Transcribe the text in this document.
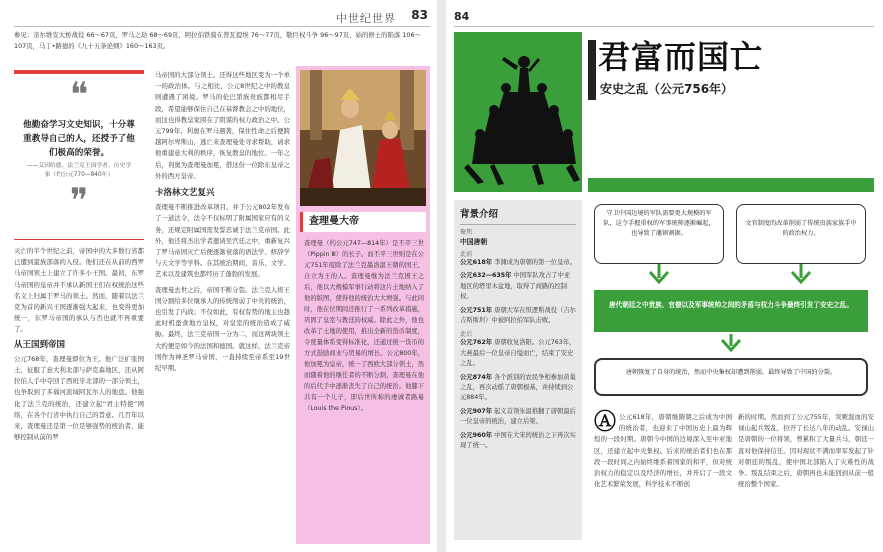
中世纪世界 83
参见：亲尔维安大桥战役 66～67页，罗马之劫 68～69页，阿拉伯铁骑在普瓦提埃 76～77页，敬巨权斗争 96～97页，始的修士的陷落 106～107页，马丁•路德的《九十五条论纲》160～163页。
❝
他勤奋学习文史知识，十分尊重教导自己的人，还授予了他们极高的荣誉。
——艾因哈德，法兰克王国学者、历史学家（约公元770—840年）
❞
灭亡的半个世纪之前，帝国中的大多数行省都已遭到蛮族部落的入侵。他们还在从前的西罗马帝国领土上建立了许多小王国。最初，东罗马帝国的皇帝并不承认新国王们在权统治这些名义上归属于罗马的领土。然而，随着以法兰克为首的新兴王国逐渐强大起来，也变得更加统一，东罗马帝国的承认与否也就不再重要了。
从王国到帝国
公元768年，查理曼即位为王。他广泛扩张国土，征服了意大利北部与萨克森地区，还从阿拉伯人手中夺回了西班牙北部的一部分领土，也争取到了多瑙河流域阿瓦尔人的地盘。他强化了法兰克的统治，还建立起“君主特使”网络，在各个行省中执行自己的旨意。几百年以来，查理曼还是第一位是够强势的统治者，能够控制从前的罗
马帝国的大部分领土。还得这些地区变为一个单一的政治体。与之相比，公元8世纪之中的教皇则遭遇了困境。罗马的伦巴第族贵族都相尽手段，希望能够保住自己在基督教会之中的地位，而这也得教皇家困在了阴谋的权力政治之中。公元799年，利奥在罗马遇袭，保住性命之后便跨越阿尔卑斯山，逃亡来查理曼处寻求帮助，请求他重建意大利的秩序，恢复教皇的地位。一年之后，利奥为查理曼加冕，借这份一位除东皇帝之外的西方皇帝。
卡洛林文艺复兴
查理曼不断推进改革项目，并于公元802年发布了一道法令，法令不仅标明了附属国家应有的义务，还规定附属国需发誓忠诚于法兰克帝国。此外，他还将杰出学者邀请至宫廷之中，重新复兴了罗马帝国灭亡后便逐渐衰落的语法学、修辞学与天文学等学科。在其统治期间，音乐、文学、艺术以及建筑也都经历了蓬勃的发展。
查理曼去世之后，帝国不断分裂。法兰克人将王国分割给多位继承人的传统削弱了中央的统治，也引发了内战；不仅如此，有权有势的地主也趁此时机蚕食地方皇权，对皇室的统治造成了威胁。最终，法兰克帝国一分为二，而这两块领土大约便是如今的法国和德国。就这样，法兰克帝国作为神圣罗马帝国，一直持续至帝系至19世纪早期。
查理曼大帝
查理曼（约公元747—814年）是丕平三世（Pippin Ⅲ）的长子。而丕平三世则是在公元751年废除了法兰克墨洛温王朝的国王，自立为王的人。查理曼继为法兰克国王之后，他以大规模军事行动将这片土地纳入了他的版图，使得他的统治大大增强。与此同时，他在位期间还推行了一系列改革措施，巩固了皇室与教廷的权威。除此之外，他也改革了土地的使用，推出全新的货币制度，令度量体系变得标准化，还通过统一货币的方式鼓励商业与贸易的增长。公元800年，他加冕为皇帝，统一了西欧大部分领土，然而随着他的继任者的不断分割，查理曼在他的后代手中逐渐丧失了自己的统治。他膝下共有一个儿子，即后世所称的虔诚者路易（Louis the Pious）。
84
君富而国亡
安史之乱（公元756年）
背景介绍
聚焦
中国唐朝
此前
公元618年 李渊成为唐朝的第一位皇帝。
公元632—635年 中国军队攻占了中亚地区的塔里木盆地，取得了商路的控制权。
公元751年 唐朝大军在怛逻斯战役（吉尔吉斯斯坦）中被阿拉伯军队击败。
此后
公元762年 唐朝收复洛阳。公元763年，大燕最后一位皇帝自缢而亡，结束了安史之乱。
公元874年 各个派别的农民争相参加黄巢之乱，再次动摇了唐朝根基，并持续到公元884年。
公元907年 起义首领朱温推翻了唐朝最后一位皇帝的统治，建立后梁。
公元960年 中国在大宋的统治之下再次实现了统一。
守卫中国边境的军队需要更大规模的军队，这令手握重权的军事统帅逐渐崛起，也导致了藩镇割据。
文官制度的改革削弱了传统贵族家族手中的政治权力。
唐代朝廷之中贵族、官僚以及军事统帅之间的矛盾与权力斗争最终引发了安史之乱。
唐朝恢复了自身的统治，然而中央集权却遭到削弱，最终导致了中国的分裂。
Ⓐ 公元618年，唐朝继隋朝之后成为中国的统治者，也迎来了中国历史上最为辉煌的一段时期。唐朝今中国的边境深入至中亚地区，还建立起中央集权。后来的统治者们也在那段一段时间之内始终维系着国家的和平，但对统治权力的稳定以及经济的增长，并开启了一段文化艺术繁荣发展，科学技术不断创
新的时期。然而到了公元755年，突厥混血的安禄山起兵叛乱，拉开了长达八年的动乱。安禄山是唐朝的一位将领，曾累积了大量兵马，朝廷一直对他保持信任。因对现状不满而率军发起了针对朝廷的叛乱，使中国北部陷入了灾难性的战争。叛乱结束之后，唐朝再也未能回到从前一般统治整个国家。
